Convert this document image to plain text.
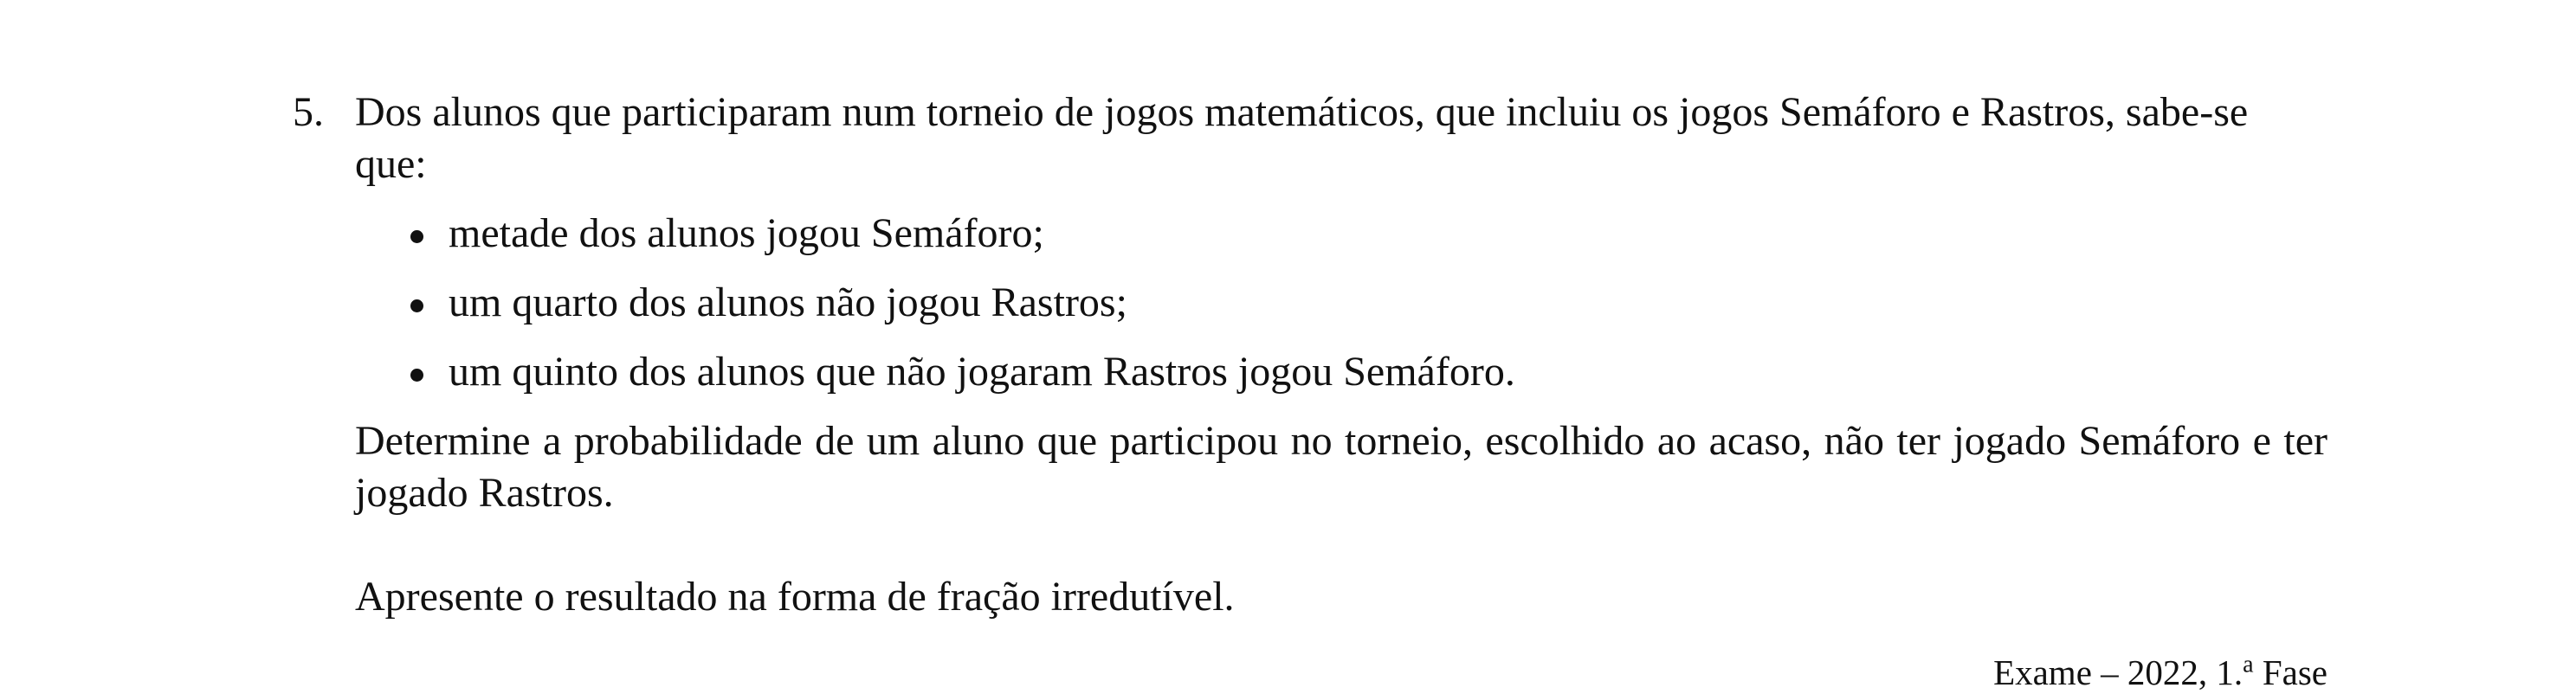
5. Dos alunos que participaram num torneio de jogos matemáticos, que incluiu os jogos Semáforo e Rastros, sabe-se que:

metade dos alunos jogou Semáforo;
um quarto dos alunos não jogou Rastros;
um quinto dos alunos que não jogaram Rastros jogou Semáforo.

Determine a probabilidade de um aluno que participou no torneio, escolhido ao acaso, não ter jogado Semáforo e ter jogado Rastros.

Apresente o resultado na forma de fração irredutível.

Exame – 2022, 1.$^a$ Fase
